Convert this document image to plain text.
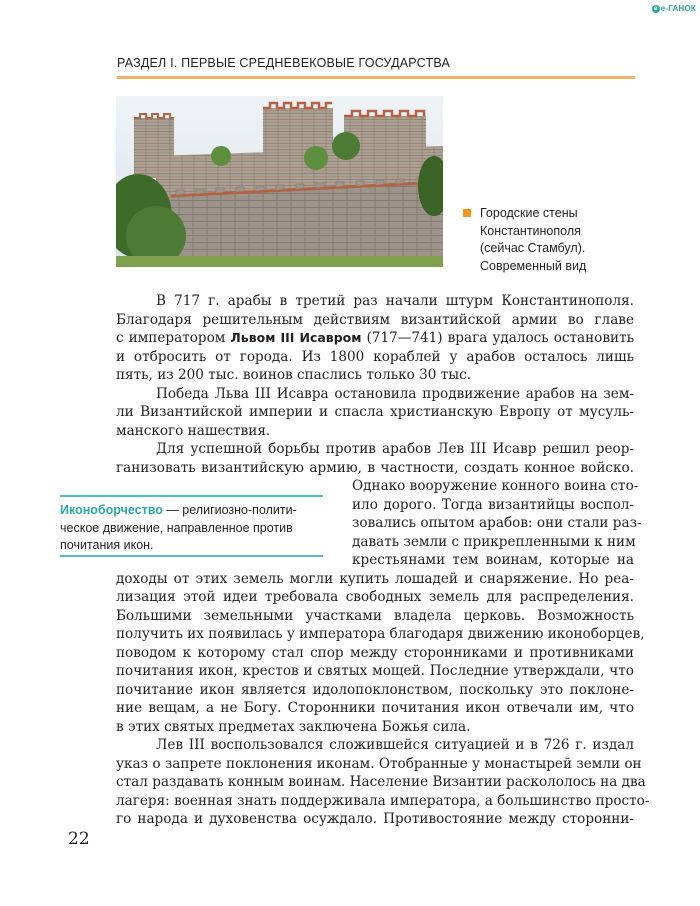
e e-ГАНОК
РАЗДЕЛ I. ПЕРВЫЕ СРЕДНЕВЕКОВЫЕ ГОСУДАРСТВА
Городские стены
Константинополя
(сейчас Стамбул).
Современный вид
В 717 г. арабы в третий раз начали штурм Константинополя.
Благодаря решительным действиям византийской армии во главе
с императором Львом III Исавром (717—741) врага удалось остановить
и отбросить от города. Из 1800 кораблей у арабов осталось лишь
пять, из 200 тыс. воинов спаслись только 30 тыс.
Победа Льва III Исавра остановила продвижение арабов на зем-
ли Византийской империи и спасла христианскую Европу от мусуль-
манского нашествия.
Для успешной борьбы против арабов Лев III Исавр решил реор-
ганизовать византийскую армию, в частности, создать конное войско.
Однако вооружение конного воина сто-
ило дорого. Тогда византийцы воспол-
зовались опытом арабов: они стали раз-
давать земли с прикрепленными к ним
крестьянами тем воинам, которые на
доходы от этих земель могли купить лошадей и снаряжение. Но реа-
лизация этой идеи требовала свободных земель для распределения.
Большими земельными участками владела церковь. Возможность
получить их появилась у императора благодаря движению иконоборцев,
поводом к которому стал спор между сторонниками и противниками
почитания икон, крестов и святых мощей. Последние утверждали, что
почитание икон является идолопоклонством, поскольку это поклоне-
ние вещам, а не Богу. Сторонники почитания икон отвечали им, что
в этих святых предметах заключена Божья сила.
Лев III воспользовался сложившейся ситуацией и в 726 г. издал
указ о запрете поклонения иконам. Отобранные у монастырей земли он
стал раздавать конным воинам. Население Византии раскололось на два
лагеря: военная знать поддерживала императора, а большинство просто-
го народа и духовенства осуждало. Противостояние между сторонни-
Иконоборчество — религиозно-полити-
ческое движение, направленное против
почитания икон.
22
